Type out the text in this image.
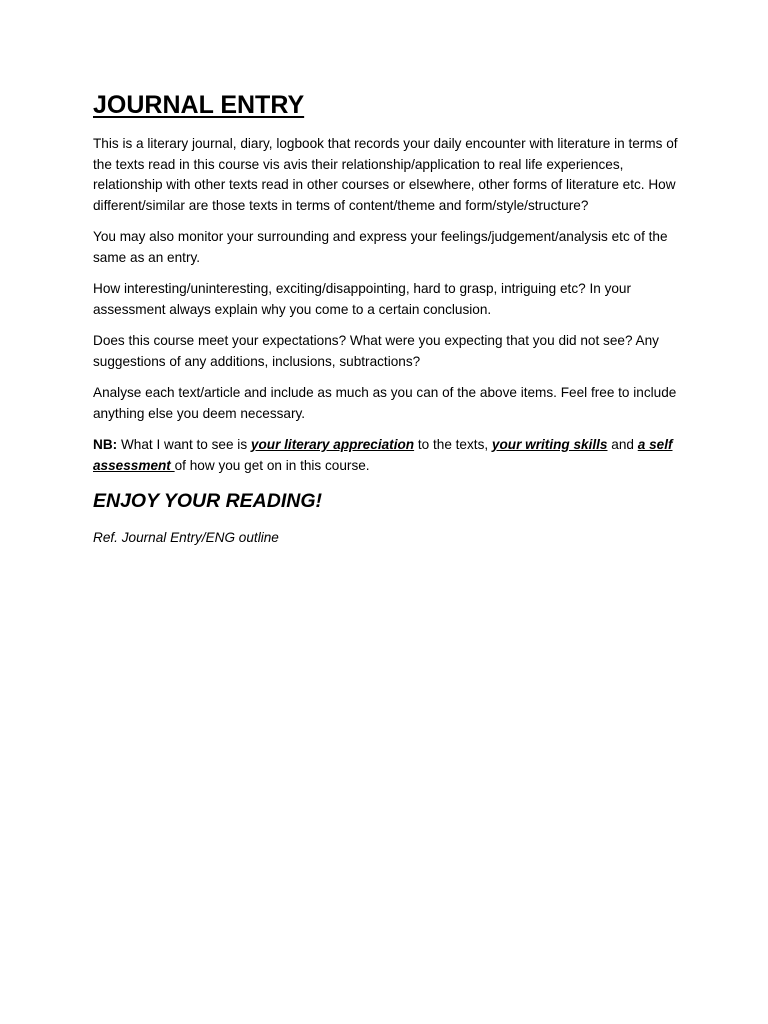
JOURNAL ENTRY

This is a literary journal, diary, logbook that records your daily encounter with literature in terms of the texts read in this course vis avis their relationship/application to real life experiences, relationship with other texts read in other courses or elsewhere, other forms of literature etc. How different/similar are those texts in terms of content/theme and form/style/structure?

You may also monitor your surrounding and express your feelings/judgement/analysis etc of the same as an entry.

How interesting/uninteresting, exciting/disappointing, hard to grasp, intriguing etc? In your assessment always explain why you come to a certain conclusion.

Does this course meet your expectations? What were you expecting that you did not see? Any suggestions of any additions, inclusions, subtractions?

Analyse each text/article and include as much as you can of the above items. Feel free to include anything else you deem necessary.

NB: What I want to see is your literary appreciation to the texts, your writing skills and a self assessment of how you get on in this course.

ENJOY YOUR READING!

Ref. Journal Entry/ENG outline
